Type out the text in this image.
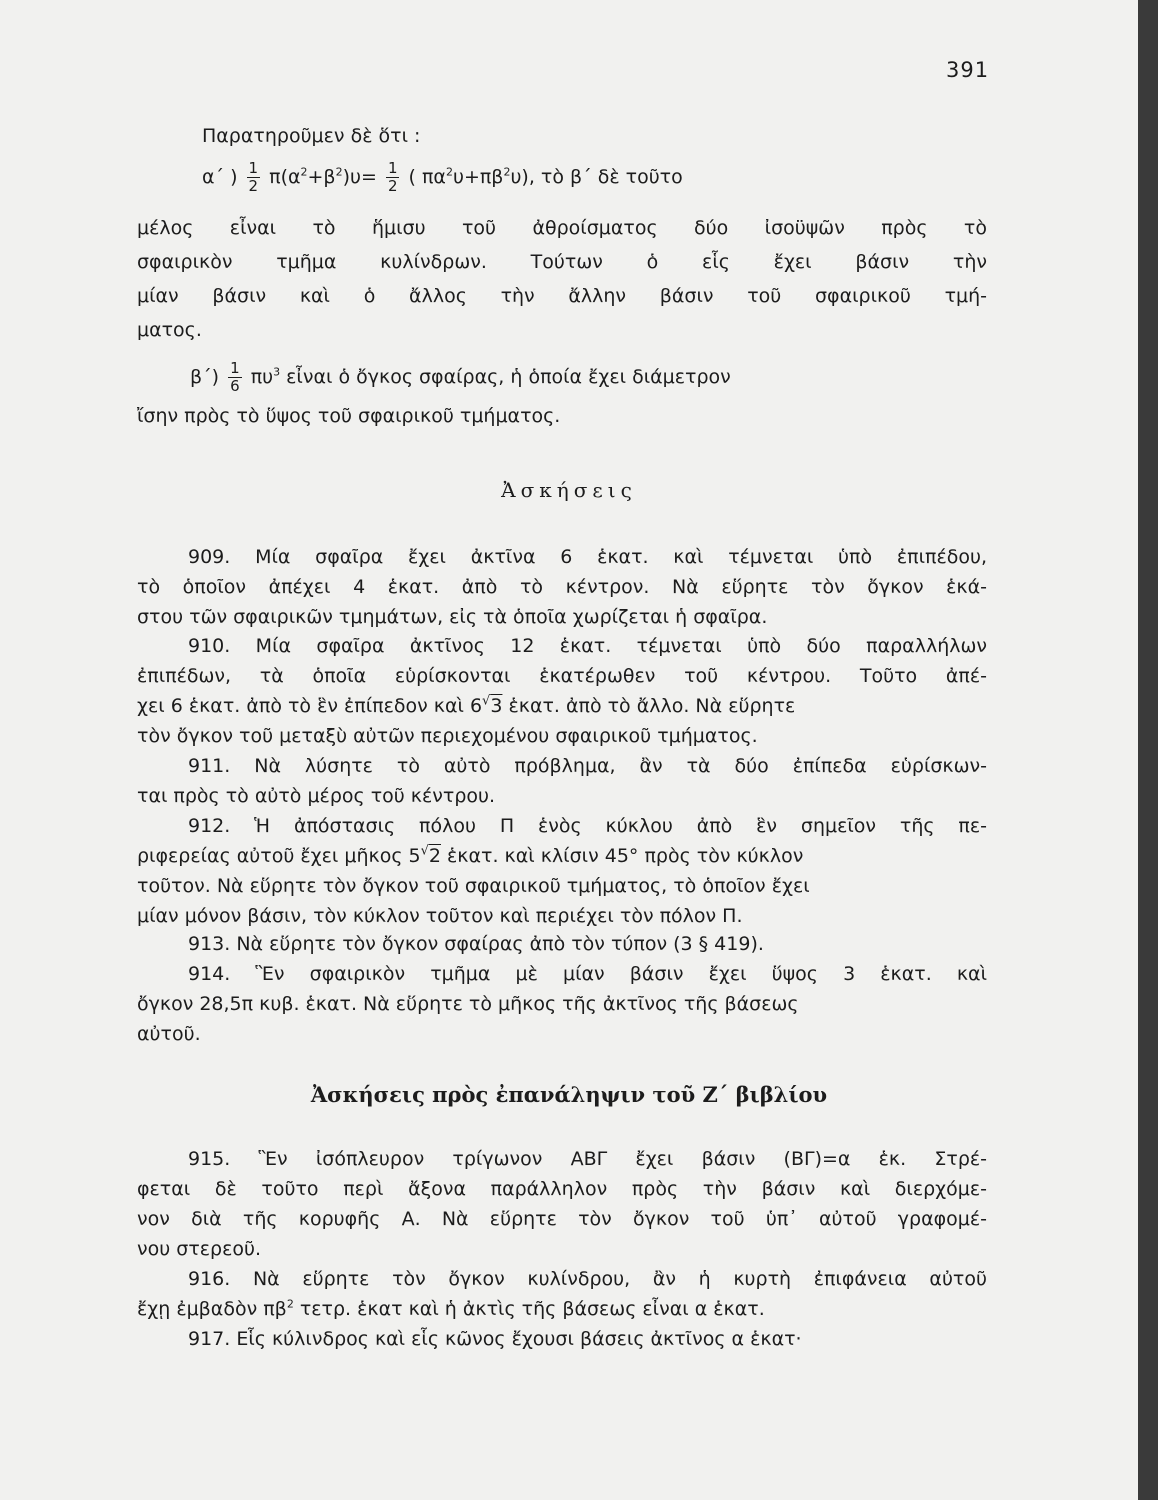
391
Παρατηροῦμεν δὲ ὅτι :
α΄ ) $\frac{1}{2} \pi(\alpha^2+\beta^2)\upsilon= \frac{1}{2}$ ( $\pi\alpha^2\upsilon+\pi\beta^2\upsilon$), τὸ β΄ δὲ τοῦτο
μέλος εἶναι τὸ ἥμισυ τοῦ ἀθροίσματος δύο ἰσοϋψῶν πρὸς τὸ
σφαιρικὸν τμῆμα κυλίνδρων. Τούτων ὁ εἷς ἔχει βάσιν τὴν
μίαν βάσιν καὶ ὁ ἄλλος τὴν ἄλλην βάσιν τοῦ σφαιρικοῦ τμή-
ματος.
$\beta΄) \frac{1}{6} \pi\upsilon^3$ εἶναι ὁ ὄγκος σφαίρας, ἡ ὁποία ἔχει διάμετρον
ἴσην πρὸς τὸ ὕψος τοῦ σφαιρικοῦ τμήματος.
Ἀσκήσεις
909. Μία σφαῖρα ἔχει ἀκτῖνα 6 ἑκατ. καὶ τέμνεται ὑπὸ ἐπιπέδου,
τὸ ὁποῖον ἀπέχει 4 ἑκατ. ἀπὸ τὸ κέντρον. Νὰ εὕρητε τὸν ὄγκον ἑκά-
στου τῶν σφαιρικῶν τμημάτων, εἰς τὰ ὁποῖα χωρίζεται ἡ σφαῖρα.
910. Μία σφαῖρα ἀκτῖνος 12 ἑκατ. τέμνεται ὑπὸ δύο παραλλήλων
ἐπιπέδων, τὰ ὁποῖα εὑρίσκονται ἑκατέρωθεν τοῦ κέντρου. Τοῦτο ἀπέ-
χει 6 ἑκατ. ἀπὸ τὸ ἓν ἐπίπεδον καὶ 6√3 ἑκατ. ἀπὸ τὸ ἄλλο. Νὰ εὕρητε
τὸν ὄγκον τοῦ μεταξὺ αὐτῶν περιεχομένου σφαιρικοῦ τμήματος.
911. Νὰ λύσητε τὸ αὐτὸ πρόβλημα, ἂν τὰ δύο ἐπίπεδα εὑρίσκων-
ται πρὸς τὸ αὐτὸ μέρος τοῦ κέντρου.
912. Ἡ ἀπόστασις πόλου Π ἑνὸς κύκλου ἀπὸ ἓν σημεῖον τῆς πε-
ριφερείας αὐτοῦ ἔχει μῆκος 5√2 ἑκατ. καὶ κλίσιν 45° πρὸς τὸν κύκλον
τοῦτον. Νὰ εὕρητε τὸν ὄγκον τοῦ σφαιρικοῦ τμήματος, τὸ ὁποῖον ἔχει
μίαν μόνον βάσιν, τὸν κύκλον τοῦτον καὶ περιέχει τὸν πόλον Π.
913. Νὰ εὕρητε τὸν ὄγκον σφαίρας ἀπὸ τὸν τύπον (3 § 419).
914. Ἓν σφαιρικὸν τμῆμα μὲ μίαν βάσιν ἔχει ὕψος 3 ἑκατ. καὶ
ὄγκον 28,5π κυβ. ἑκατ. Νὰ εὕρητε τὸ μῆκος τῆς ἀκτῖνος τῆς βάσεως
αὐτοῦ.
Ἀσκήσεις πρὸς ἐπανάληψιν τοῦ Ζ΄ βιβλίου
915. Ἓν ἰσόπλευρον τρίγωνον ΑΒΓ ἔχει βάσιν (ΒΓ)=α ἑκ. Στρέ-
φεται δὲ τοῦτο περὶ ἄξονα παράλληλον πρὸς τὴν βάσιν καὶ διερχόμε-
νον διὰ τῆς κορυφῆς Α. Νὰ εὕρητε τὸν ὄγκον τοῦ ὑπ᾽ αὐτοῦ γραφομέ-
νου στερεοῦ.
916. Νὰ εὕρητε τὸν ὄγκον κυλίνδρου, ἂν ἡ κυρτὴ ἐπιφάνεια αὐτοῦ
ἔχῃ ἐμβαδὸν $\pi\beta^2$ τετρ. ἑκατ καὶ ἡ ἀκτὶς τῆς βάσεως εἶναι α ἑκατ.
917. Εἷς κύλινδρος καὶ εἷς κῶνος ἔχουσι βάσεις ἀκτῖνος α ἑκατ·
